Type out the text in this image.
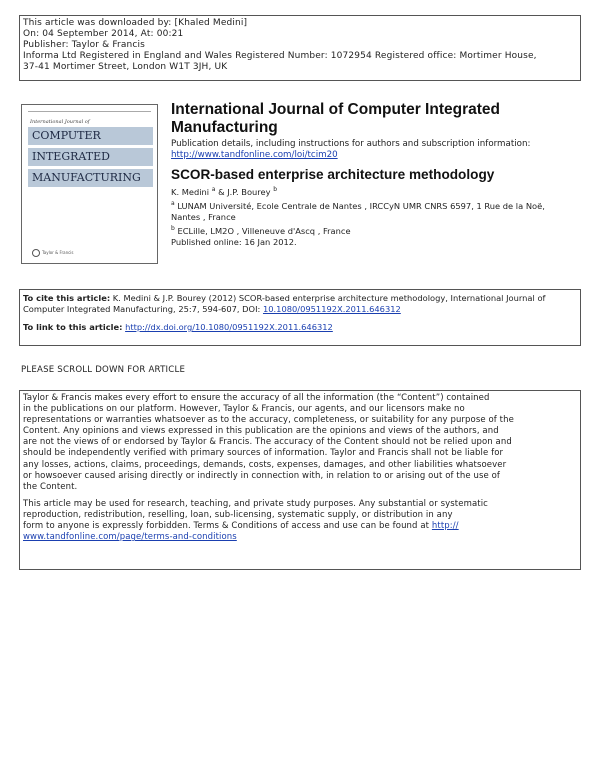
This article was downloaded by: [Khaled Medini]
On: 04 September 2014, At: 00:21
Publisher: Taylor & Francis
Informa Ltd Registered in England and Wales Registered Number: 1072954 Registered office: Mortimer House,
37-41 Mortimer Street, London W1T 3JH, UK
International Journal of
COMPUTER
INTEGRATED
MANUFACTURING
Taylor & Francis
International Journal of Computer Integrated Manufacturing
Publication details, including instructions for authors and subscription information:
http://www.tandfonline.com/loi/tcim20
SCOR-based enterprise architecture methodology
K. Medini $^a$ & J.P. Bourey $^b$
$^a$ LUNAM Université, Ecole Centrale de Nantes , IRCCyN UMR CNRS 6597, 1 Rue de la Noë,
Nantes , France
$^b$ ECLille, LM2O , Villeneuve d'Ascq , France
Published online: 16 Jan 2012.
To cite this article: K. Medini & J.P. Bourey (2012) SCOR-based enterprise architecture methodology, International Journal of
Computer Integrated Manufacturing, 25:7, 594-607, DOI: 10.1080/0951192X.2011.646312
To link to this article: http://dx.doi.org/10.1080/0951192X.2011.646312
PLEASE SCROLL DOWN FOR ARTICLE

Taylor & Francis makes every effort to ensure the accuracy of all the information (the “Content”) contained
in the publications on our platform. However, Taylor & Francis, our agents, and our licensors make no
representations or warranties whatsoever as to the accuracy, completeness, or suitability for any purpose of the
Content. Any opinions and views expressed in this publication are the opinions and views of the authors, and
are not the views of or endorsed by Taylor & Francis. The accuracy of the Content should not be relied upon and
should be independently verified with primary sources of information. Taylor and Francis shall not be liable for
any losses, actions, claims, proceedings, demands, costs, expenses, damages, and other liabilities whatsoever
or howsoever caused arising directly or indirectly in connection with, in relation to or arising out of the use of
the Content.

This article may be used for research, teaching, and private study purposes. Any substantial or systematic
reproduction, redistribution, reselling, loan, sub-licensing, systematic supply, or distribution in any
form to anyone is expressly forbidden. Terms & Conditions of access and use can be found at http://
www.tandfonline.com/page/terms-and-conditions
